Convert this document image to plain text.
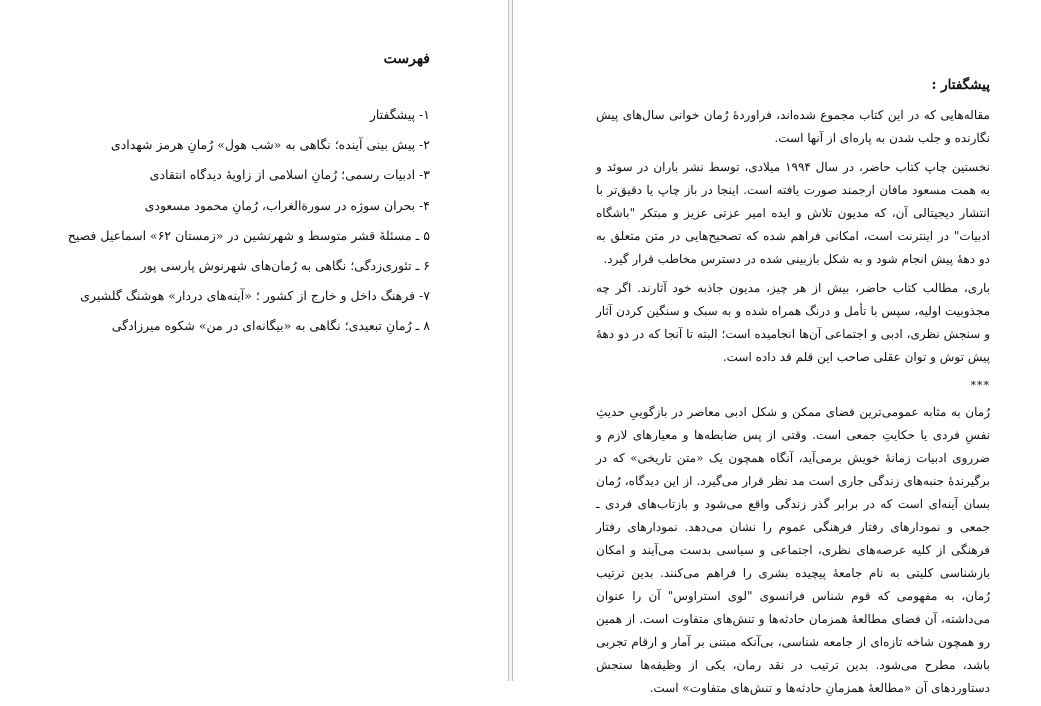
فهرست
۱- پیشگفتار
۲- پیش بینی آینده؛ نگاهی به «شب هول» رُمانِ هرمز شهدادی
۳- ادبیات رسمی؛ رُمانِ اسلامی از زاویهٔ دیدگاه انتقادی
۴- بحران سوژه در سورةالغراب، رُمانِ محمود مسعودی
۵ ـ مسئلهٔ قشر متوسط و شهرنشین در «زمستان ۶۲» اسماعیل فصیح
۶ ـ تئوری‌زدگی؛ نگاهی به رُمان‌های شهرنوش پارسی پور
۷- فرهنگ داخل و خارج از کشور ؛ «آینه‌های دردار» هوشنگ گلشیری
۸ ـ رُمانِ تبعیدی؛ نگاهی به «بیگانه‌ای در من» شکوه میرزادگی
پیشگفتار :

مقاله‌هایی که در این کتاب مجموع شده‌اند، فراوردهٔ رُمان خوانی سال‌های پیش نگارنده و جلب شدن به پاره‌ای از آنها است.

نخستین چاپ کتاب حاضر، در سال ۱۹۹۴ میلادی، توسط نشر باران در سوئد و به همت مسعود مافان ارجمند صورت یافته است. اینجا در باز چاپ یا دقیق‌تر با انتشار دیجیتالی آن، که مدیون تلاش و ایده امیر عزتی عزیز و مبتکر "باشگاه ادبیات" در اینترنت است، امکانی فراهم شده که تصحیح‌هایی در متن متعلق به دو دههٔ پیش انجام شود و به شکل بازبینی شده در دسترس مخاطب قرار گیرد.

باری، مطالب کتاب حاضر، بیش از هر چیز، مدیون جاذبه خود آثارند. اگر چه مجذوبیت اولیه، سپس با تأمل و درنگ همراه شده و به سبک و سنگین کردن آثار و سنجش نظری، ادبی و اجتماعی آن‌ها انجامیده است؛ البته تا آنجا که در دو دههٔ پیش توش و توان عقلی صاحب این قلم قد داده است.

***

رُمان به مثابه عمومی‌ترین فضای ممکن و شکل ادبی معاصر در بازگوییِ حدیثِ نفسِ فردی یا حکایتِ جمعی است. وقتی از پس ضابطه‌ها و معیارهای لازم و ضرروی ادبیات زمانهٔ خویش برمی‌آید، آنگاه همچون یک «متن تاریخی» که در برگیرندهٔ جنبه‌های زندگی جاری است مد نظر قرار می‌گیرد. از این دیدگاه، رُمان بسان آینه‌ای است که در برابر گذر زندگی واقع می‌شود و بازتاب‌های فردی ـ جمعی و نمودارهای رفتار فرهنگی عموم را نشان می‌دهد. نمودارهای رفتار فرهنگی از کلیه عرصه‌های نظری، اجتماعی و سیاسی بدست می‌آیند و امکان بازشناسی کلیتی به نام جامعهٔ پیچیده بشری را فراهم می‌کنند. بدین ترتیب رُمان، به مفهومی که قوم شناس فرانسوی "لوی استراوس" آن را عنوان می‌داشته، آن فضای مطالعهٔ همزمان حادثه‌ها و تنش‌های متفاوت است. از همین رو همچون شاخه تازه‌ای از جامعه شناسی، بی‌آنکه مبتنی بر آمار و ارقام تجربی باشد، مطرح می‌شود. بدین ترتیب در نقد رمان، یکی از وظیفه‌ها سنجش دستاوردهای آن «مطالعهٔ همزمانِ حادثه‌ها و تنش‌های متفاوت» است.
